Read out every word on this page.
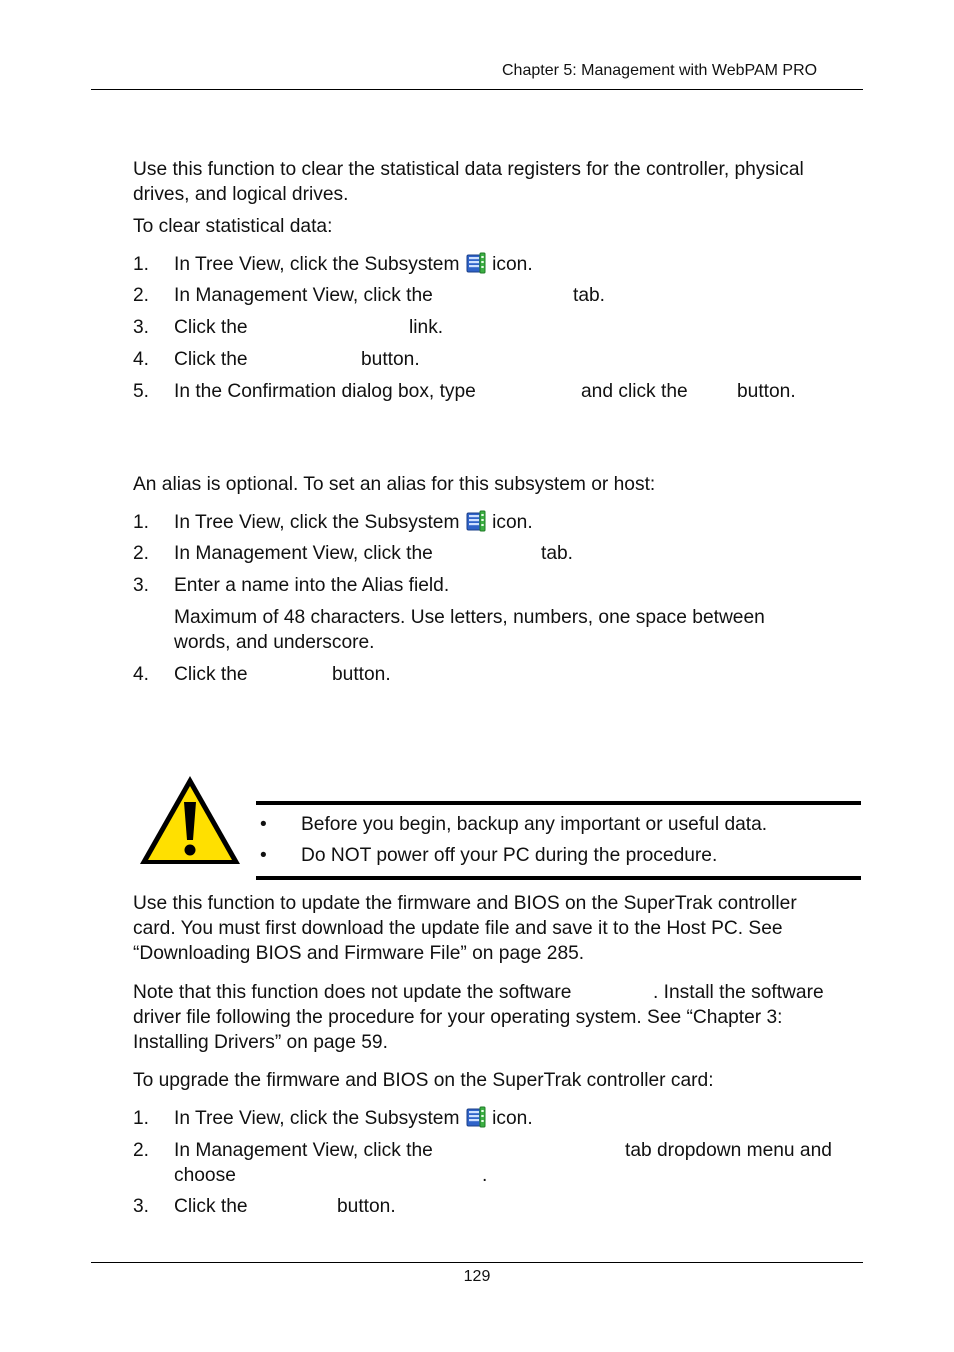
Chapter 5: Management with WebPAM PRO
Use this function to clear the statistical data registers for the controller, physical
drives, and logical drives.
To clear statistical data:
1. In Tree View, click the Subsystem icon.
2. In Management View, click the	tab.
3. Click the	link.
4. Click the	button.
5. In the Confirmation dialog box, type	and click the	button.
An alias is optional. To set an alias for this subsystem or host:
1. In Tree View, click the Subsystem icon.
2. In Management View, click the	tab.
3. Enter a name into the Alias field.
Maximum of 48 characters. Use letters, numbers, one space between
words, and underscore.
4. Click the	button.
• Before you begin, backup any important or useful data.
• Do NOT power off your PC during the procedure.
Use this function to update the firmware and BIOS on the SuperTrak controller
card. You must first download the update file and save it to the Host PC. See
“Downloading BIOS and Firmware File” on page 285.
Note that this function does not update the software	. Install the software
driver file following the procedure for your operating system. See “Chapter 3:
Installing Drivers” on page 59.
To upgrade the firmware and BIOS on the SuperTrak controller card:
1. In Tree View, click the Subsystem icon.
2. In Management View, click the	tab dropdown menu and
choose	.
3. Click the	button.
129
